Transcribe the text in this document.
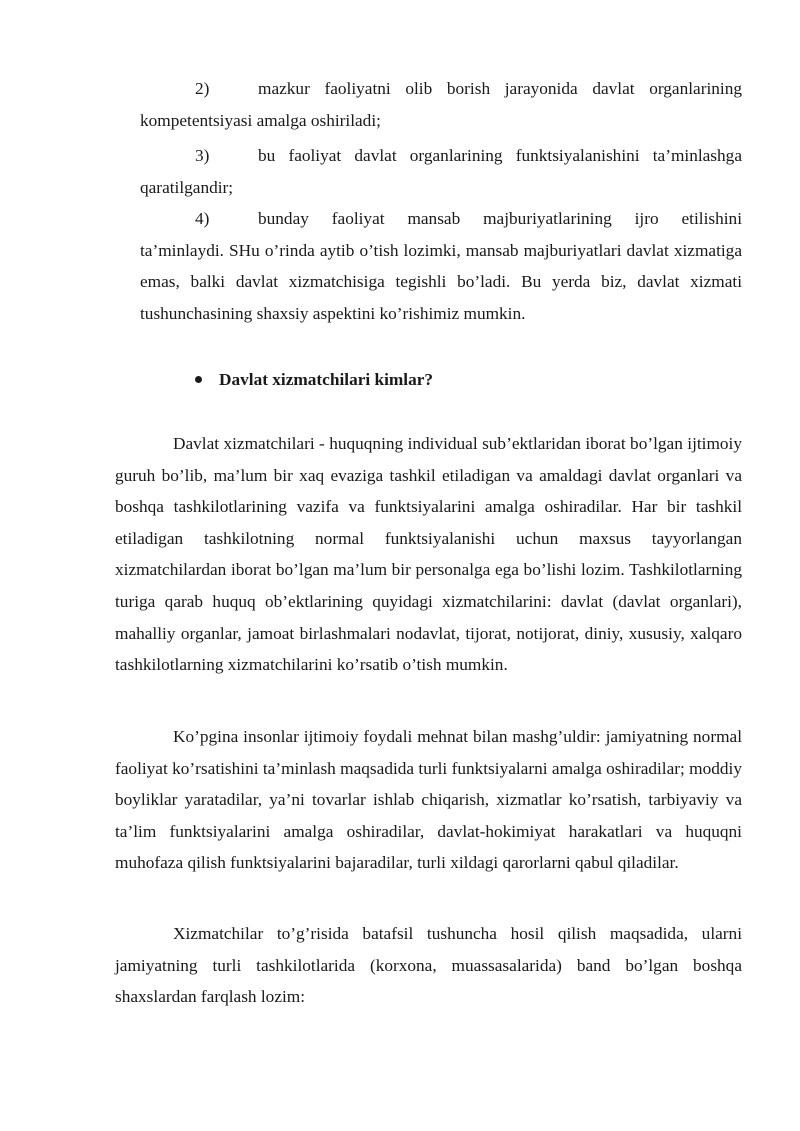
2)	mazkur faoliyatni olib borish jarayonida davlat organlarining
kompetentsiyasi amalga oshiriladi;
3)	bu faoliyat davlat organlarining funktsiyalanishini ta’minlashga
qaratilgandir;
4)	bunday faoliyat mansab majburiyatlarining ijro etilishini
ta’minlaydi. SHu o’rinda aytib o’tish lozimki, mansab majburiyatlari davlat xizmatiga emas, balki davlat xizmatchisiga tegishli bo’ladi. Bu yerda biz, davlat xizmati tushunchasining shaxsiy aspektini ko’rishimiz mumkin.
Davlat xizmatchilari kimlar?
Davlat xizmatchilari - huquqning individual sub’ektlaridan iborat bo’lgan ijtimoiy guruh bo’lib, ma’lum bir xaq evaziga tashkil etiladigan va amaldagi davlat organlari va boshqa tashkilotlarining vazifa va funktsiyalarini amalga oshiradilar. Har bir tashkil etiladigan tashkilotning normal funktsiyalanishi uchun maxsus tayyorlangan xizmatchilardan iborat bo’lgan ma’lum bir personalga ega bo’lishi lozim. Tashkilotlarning turiga qarab huquq ob’ektlarining quyidagi xizmatchilarini: davlat (davlat organlari), mahalliy organlar, jamoat birlashmalari nodavlat, tijorat, notijorat, diniy, xususiy, xalqaro tashkilotlarning xizmatchilarini ko’rsatib o’tish mumkin.
Ko’pgina insonlar ijtimoiy foydali mehnat bilan mashg’uldir: jamiyatning normal faoliyat ko’rsatishini ta’minlash maqsadida turli funktsiyalarni amalga oshiradilar; moddiy boyliklar yaratadilar, ya’ni tovarlar ishlab chiqarish, xizmatlar ko’rsatish, tarbiyaviy va ta’lim funktsiyalarini amalga oshiradilar, davlat-hokimiyat harakatlari va huquqni muhofaza qilish funktsiyalarini bajaradilar, turli xildagi qarorlarni qabul qiladilar.
Xizmatchilar to’g’risida batafsil tushuncha hosil qilish maqsadida, ularni jamiyatning turli tashkilotlarida (korxona, muassasalarida) band bo’lgan boshqa shaxslardan farqlash lozim:
